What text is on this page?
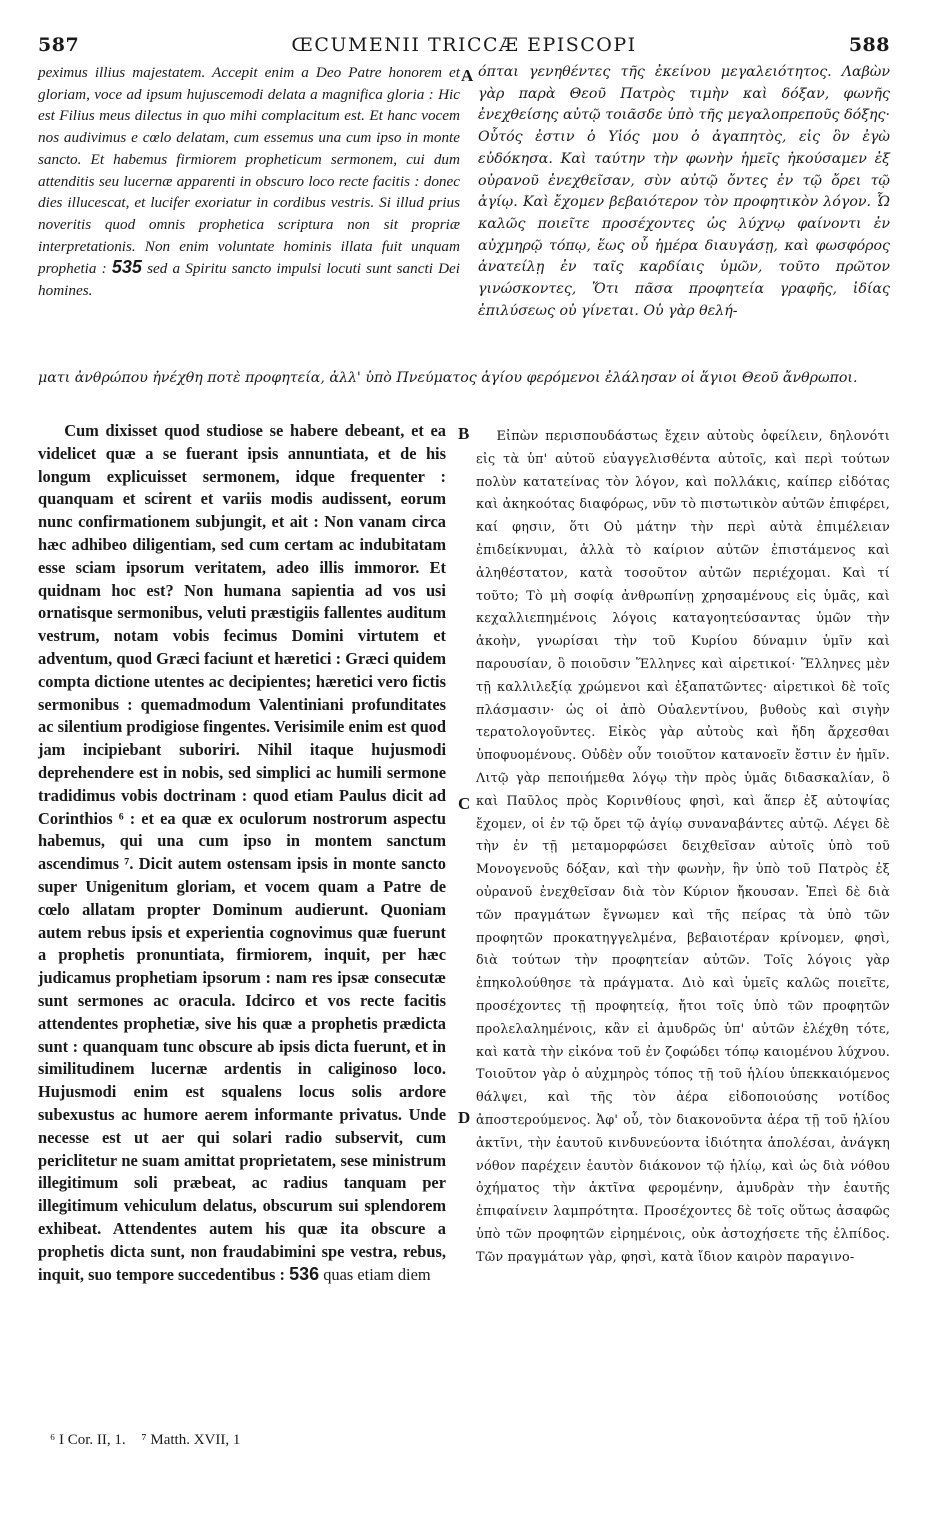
587	ŒCUMENII TRICCÆ EPISCOPI	588
A
B
C
D
peximus illius majestatem. Accepit enim a Deo Patre honorem et gloriam, voce ad ipsum hujuscemodi delata a magnifica gloria : Hic est Filius meus dilectus in quo mihi complacitum est. Et hanc vocem nos audivimus e cœlo delatam, cum essemus una cum ipso in monte sancto. Et habemus firmiorem propheticum sermonem, cui dum attenditis seu lucernæ apparenti in obscuro loco recte facitis : donec dies illucescat, et lucifer exoriatur in cordibus vestris. Si illud prius noveritis quod omnis prophetica scriptura non sit propriæ interpretationis. Non enim voluntate hominis illata fuit unquam prophetia : 535 sed a Spiritu sancto impulsi locuti sunt sancti Dei homines.
όπται γενηθέντες τῆς ἐκείνου μεγαλειότητος. Λαβὼν γὰρ παρὰ Θεοῦ Πατρὸς τιμὴν καὶ δόξαν, φωνῆς ἐνεχθείσης αὐτῷ τοιᾶσδε ὑπὸ τῆς μεγαλοπρεποῦς δόξης· Οὗτός ἐστιν ὁ Υἱός μου ὁ ἀγαπητὸς, εἰς ὃν ἐγὼ εὐδόκησα. Καὶ ταύτην τὴν φωνὴν ἡμεῖς ἠκούσαμεν ἐξ οὐρανοῦ ἐνεχθεῖσαν, σὺν αὐτῷ ὄντες ἐν τῷ ὄρει τῷ ἁγίῳ. Καὶ ἔχομεν βεβαιότερον τὸν προφητικὸν λόγον. Ὧ καλῶς ποιεῖτε προσέχοντες ὡς λύχνῳ φαίνοντι ἐν αὐχμηρῷ τόπῳ, ἕως οὗ ἡμέρα διαυγάσῃ, καὶ φωσφόρος ἀνατείλῃ ἐν ταῖς καρδίαις ὑμῶν, τοῦτο πρῶτον γινώσκοντες, Ὅτι πᾶσα προφητεία γραφῆς, ἰδίας ἐπιλύσεως οὐ γίνεται. Οὐ γὰρ θελή-
ματι ἀνθρώπου ἠνέχθη ποτὲ προφητεία, ἀλλ' ὑπὸ Πνεύματος ἁγίου φερόμενοι ἐλάλησαν οἱ ἅγιοι Θεοῦ ἄνθρωποι.
Cum dixisset quod studiose se habere debeant, et ea videlicet quæ a se fuerant ipsis annuntiata, et de his longum explicuisset sermonem, idque frequenter : quanquam et scirent et variis modis audissent, eorum nunc confirmationem subjungit, et ait : Non vanam circa hæc adhibeo diligentiam, sed cum certam ac indubitatam esse sciam ipsorum veritatem, adeo illis immoror. Et quidnam hoc est? Non humana sapientia ad vos usi ornatisque sermonibus, veluti præstigiis fallentes auditum vestrum, notam vobis fecimus Domini virtutem et adventum, quod Græci faciunt et hæretici : Græci quidem compta dictione utentes ac decipientes; hæretici vero fictis sermonibus : quemadmodum Valentiniani profunditates ac silentium prodigiose fingentes. Verisimile enim est quod jam incipiebant suboriri. Nihil itaque hujusmodi deprehendere est in nobis, sed simplici ac humili sermone tradidimus vobis doctrinam : quod etiam Paulus dicit ad Corinthios ⁶ : et ea quæ ex oculorum nostrorum aspectu habemus, qui una cum ipso in montem sanctum ascendimus ⁷. Dicit autem ostensam ipsis in monte sancto super Unigenitum gloriam, et vocem quam a Patre de cœlo allatam propter Dominum audierunt. Quoniam autem rebus ipsis et experientia cognovimus quæ fuerunt a prophetis pronuntiata, firmiorem, inquit, per hæc judicamus prophetiam ipsorum : nam res ipsæ consecutæ sunt sermones ac oracula. Idcirco et vos recte facitis attendentes prophetiæ, sive his quæ a prophetis prædicta sunt : quanquam tunc obscure ab ipsis dicta fuerunt, et in similitudinem lucernæ ardentis in caliginoso loco. Hujusmodi enim est squalens locus solis ardore subexustus ac humore aerem informante privatus. Unde necesse est ut aer qui solari radio subservit, cum periclitetur ne suam amittat proprietatem, sese ministrum illegitimum soli præbeat, ac radius tanquam per illegitimum vehiculum delatus, obscurum sui splendorem exhibeat. Attendentes autem his quæ ita obscure a prophetis dicta sunt, non fraudabimini spe vestra, rebus, inquit, suo tempore succedentibus : 536 quas etiam diem
Εἰπὼν περισπουδάστως ἔχειν αὐτοὺς ὀφείλειν, δηλονότι εἰς τὰ ὑπ' αὐτοῦ εὐαγγελισθέντα αὐτοῖς, καὶ περὶ τούτων πολὺν κατατείνας τὸν λόγον, καὶ πολλάκις, καίπερ εἰδότας καὶ ἀκηκοότας διαφόρως, νῦν τὸ πιστωτικὸν αὐτῶν ἐπιφέρει, καί φησιν, ὅτι Οὐ μάτην τὴν περὶ αὐτὰ ἐπιμέλειαν ἐπιδείκνυμαι, ἀλλὰ τὸ καίριον αὐτῶν ἐπιστάμενος καὶ ἀληθέστατον, κατὰ τοσοῦτον αὐτῶν περιέχομαι. Καὶ τί τοῦτο; Τὸ μὴ σοφίᾳ ἀνθρωπίνῃ χρησαμένους εἰς ὑμᾶς, καὶ κεχαλλιεπημένοις λόγοις καταγοητεύσαντας ὑμῶν τὴν ἀκοὴν, γνωρίσαι τὴν τοῦ Κυρίου δύναμιν ὑμῖν καὶ παρουσίαν, ὃ ποιοῦσιν Ἕλληνες καὶ αἱρετικοί· Ἕλληνες μὲν τῇ καλλιλεξίᾳ χρώμενοι καὶ ἐξαπατῶντες· αἱρετικοὶ δὲ τοῖς πλάσμασιν· ὡς οἱ ἀπὸ Οὐαλεντίνου, βυθοὺς καὶ σιγὴν τερατολογοῦντες. Εἰκὸς γὰρ αὐτοὺς καὶ ἤδη ἄρχεσθαι ὑποφυομένους. Οὐδὲν οὖν τοιοῦτον κατανοεῖν ἔστιν ἐν ἡμῖν. Λιτῷ γὰρ πεποιήμεθα λόγῳ τὴν πρὸς ὑμᾶς διδασκαλίαν, ὃ καὶ Παῦλος πρὸς Κορινθίους φησὶ, καὶ ἅπερ ἐξ αὐτοψίας ἔχομεν, οἱ ἐν τῷ ὄρει τῷ ἁγίῳ συναναβάντες αὐτῷ. Λέγει δὲ τὴν ἐν τῇ μεταμορφώσει δειχθεῖσαν αὐτοῖς ὑπὸ τοῦ Μονογενοῦς δόξαν, καὶ τὴν φωνὴν, ἣν ὑπὸ τοῦ Πατρὸς ἐξ οὐρανοῦ ἐνεχθεῖσαν διὰ τὸν Κύριον ἤκουσαν. Ἐπεὶ δὲ διὰ τῶν πραγμάτων ἔγνωμεν καὶ τῆς πείρας τὰ ὑπὸ τῶν προφητῶν προκατηγγελμένα, βεβαιοτέραν κρίνομεν, φησὶ, διὰ τούτων τὴν προφητείαν αὐτῶν. Τοῖς λόγοις γὰρ ἐπηκολούθησε τὰ πράγματα. Διὸ καὶ ὑμεῖς καλῶς ποιεῖτε, προσέχοντες τῇ προφητείᾳ, ἤτοι τοῖς ὑπὸ τῶν προφητῶν προλελαλημένοις, κἂν εἰ ἀμυδρῶς ὑπ' αὐτῶν ἐλέχθη τότε, καὶ κατὰ τὴν εἰκόνα τοῦ ἐν ζοφώδει τόπῳ καιομένου λύχνου. Τοιοῦτον γὰρ ὁ αὐχμηρὸς τόπος τῇ τοῦ ἡλίου ὑπεκκαιόμενος θάλψει, καὶ τῆς τὸν ἀέρα εἰδοποιούσης νοτίδος ἀποστερούμενος. Ἀφ' οὗ, τὸν διακονοῦντα ἀέρα τῇ τοῦ ἡλίου ἀκτῖνι, τὴν ἑαυτοῦ κινδυνεύοντα ἰδιότητα ἀπολέσαι, ἀνάγκη νόθον παρέχειν ἑαυτὸν διάκονον τῷ ἡλίῳ, καὶ ὡς διὰ νόθου ὀχήματος τὴν ἀκτῖνα φερομένην, ἀμυδρὰν τὴν ἑαυτῆς ἐπιφαίνειν λαμπρότητα. Προσέχοντες δὲ τοῖς οὕτως ἀσαφῶς ὑπὸ τῶν προφητῶν εἰρημένοις, οὐκ ἀστοχήσετε τῆς ἐλπίδος. Τῶν πραγμάτων γὰρ, φησὶ, κατὰ ἴδιον καιρὸν παραγινο-
⁶ I Cor. II, 1. ⁷ Matth. XVII, 1
